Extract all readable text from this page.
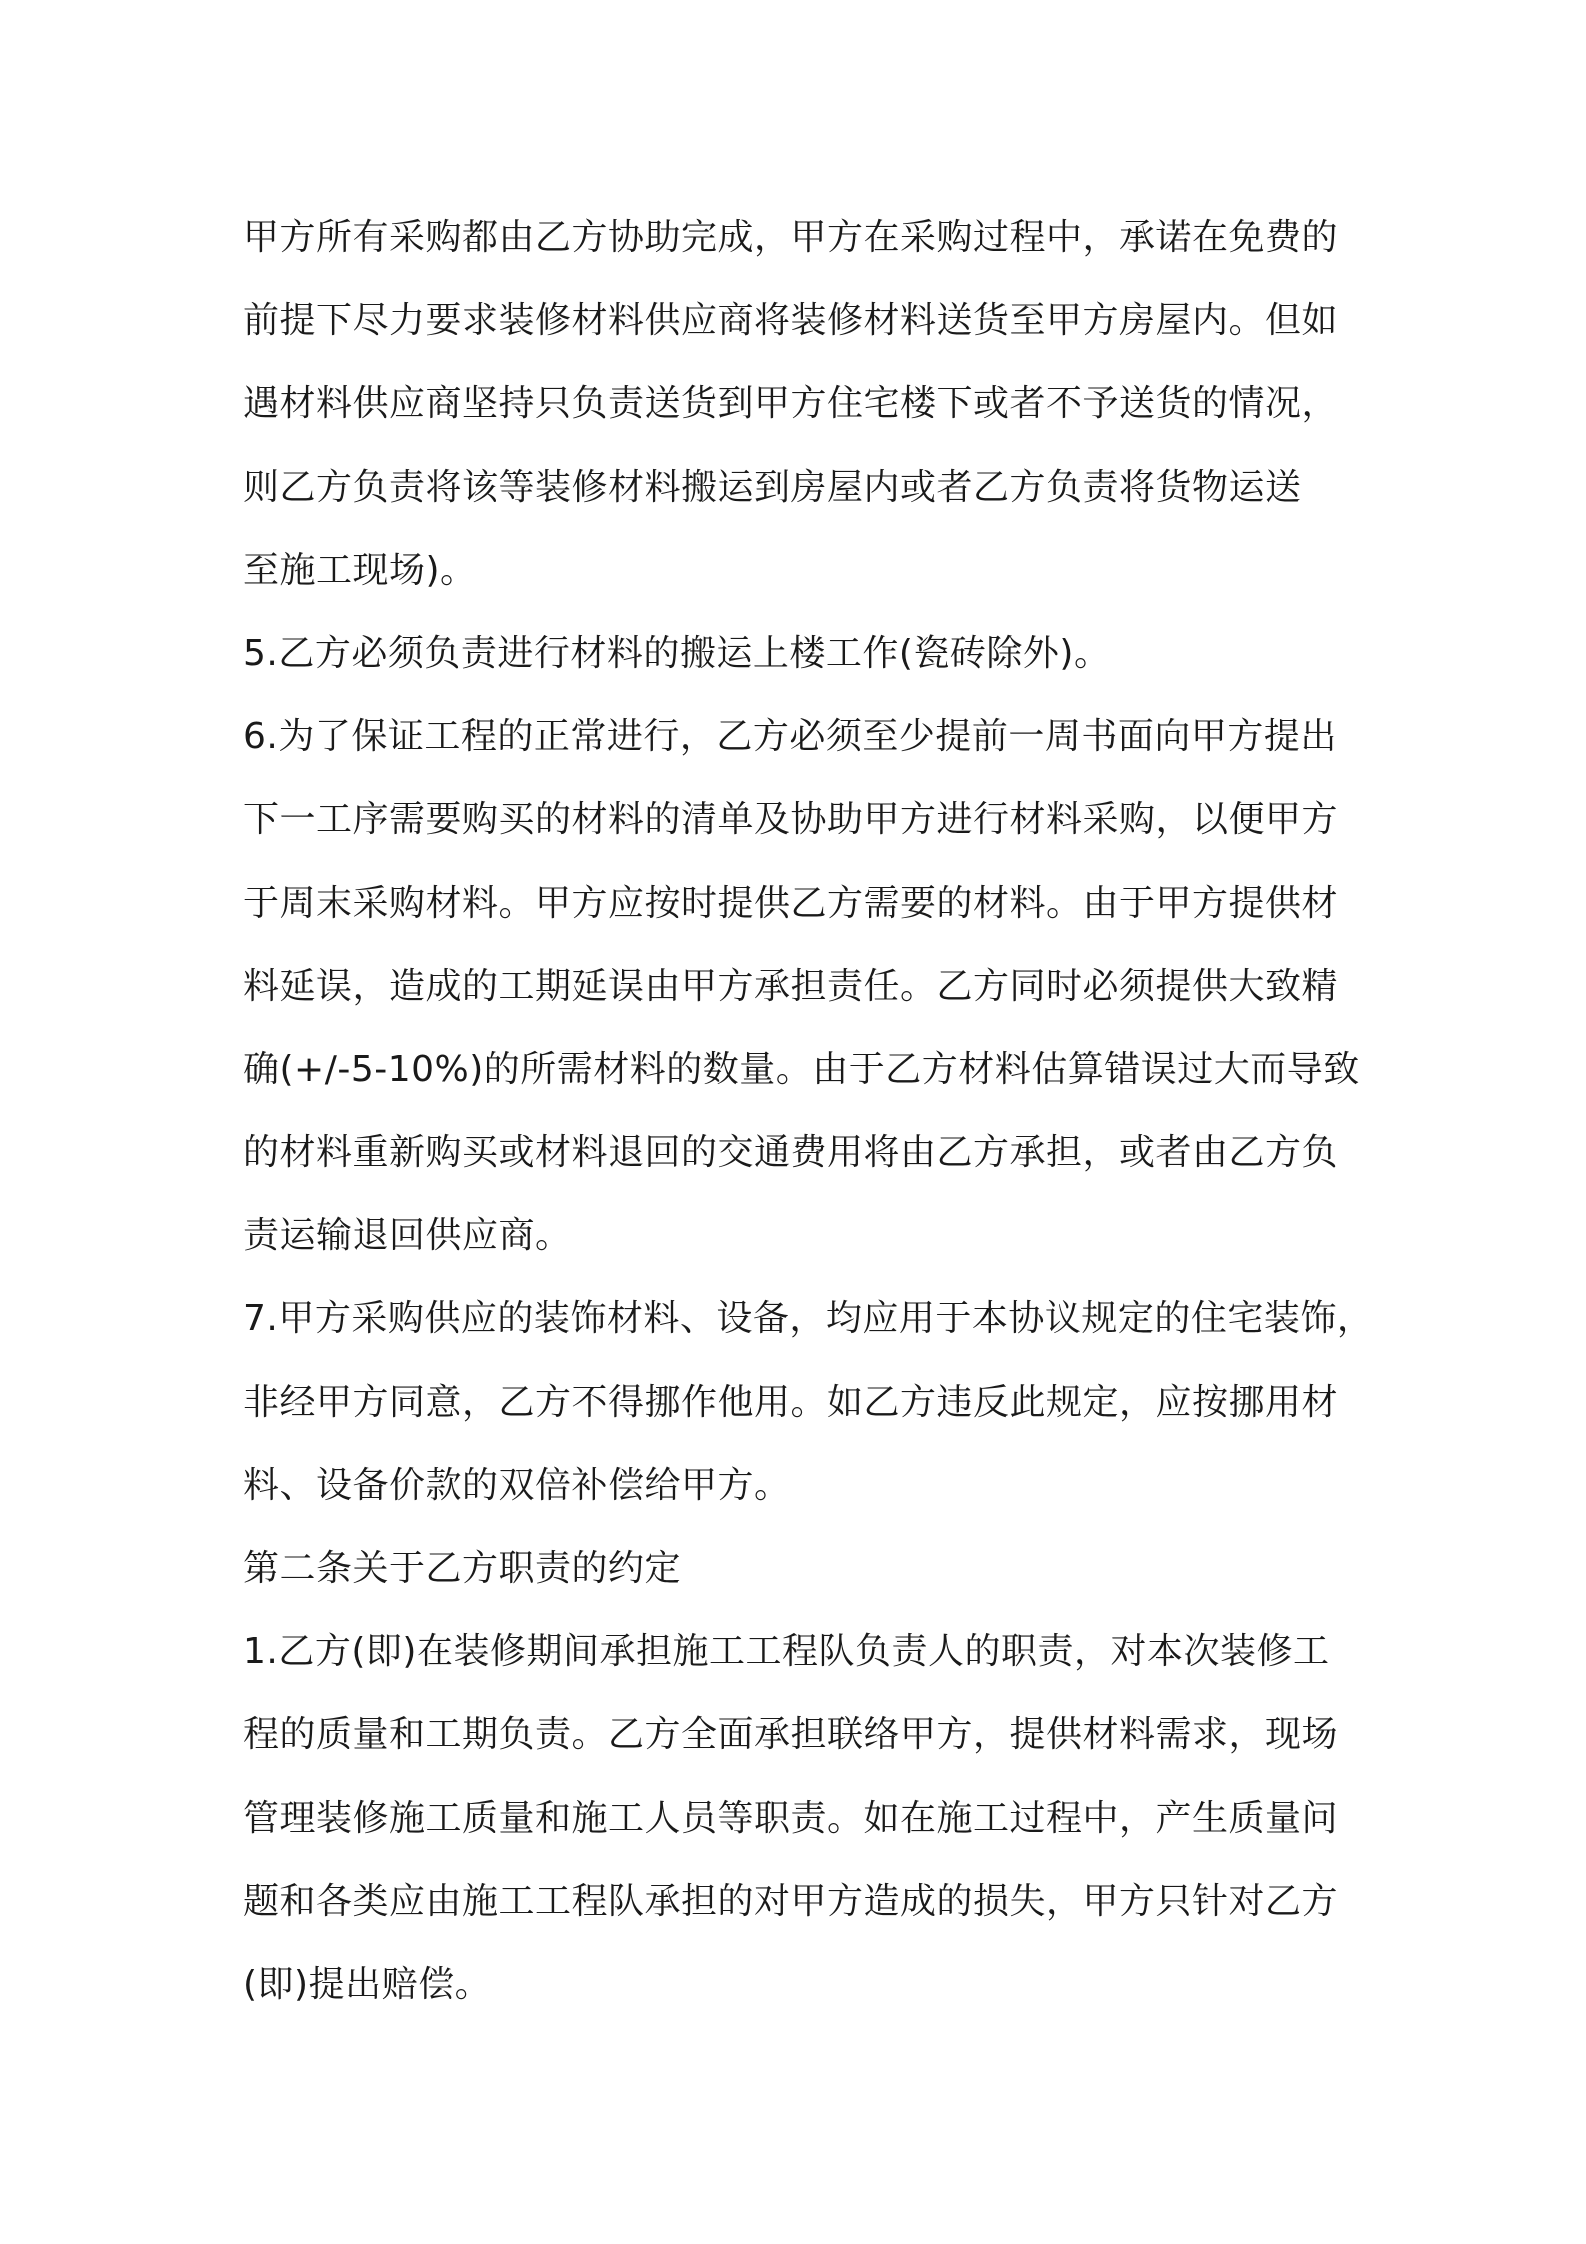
甲方所有采购都由乙方协助完成，甲方在采购过程中，承诺在免费的
前提下尽力要求装修材料供应商将装修材料送货至甲方房屋内。但如
遇材料供应商坚持只负责送货到甲方住宅楼下或者不予送货的情况，
则乙方负责将该等装修材料搬运到房屋内或者乙方负责将货物运送
至施工现场)。
5.乙方必须负责进行材料的搬运上楼工作(瓷砖除外)。
6.为了保证工程的正常进行，乙方必须至少提前一周书面向甲方提出
下一工序需要购买的材料的清单及协助甲方进行材料采购，以便甲方
于周末采购材料。甲方应按时提供乙方需要的材料。由于甲方提供材
料延误，造成的工期延误由甲方承担责任。乙方同时必须提供大致精
确(+/-5-10%)的所需材料的数量。由于乙方材料估算错误过大而导致
的材料重新购买或材料退回的交通费用将由乙方承担，或者由乙方负
责运输退回供应商。
7.甲方采购供应的装饰材料、设备，均应用于本协议规定的住宅装饰，
非经甲方同意，乙方不得挪作他用。如乙方违反此规定，应按挪用材
料、设备价款的双倍补偿给甲方。
第二条关于乙方职责的约定
1.乙方(即)在装修期间承担施工工程队负责人的职责，对本次装修工
程的质量和工期负责。乙方全面承担联络甲方，提供材料需求，现场
管理装修施工质量和施工人员等职责。如在施工过程中，产生质量问
题和各类应由施工工程队承担的对甲方造成的损失，甲方只针对乙方
(即)提出赔偿。
